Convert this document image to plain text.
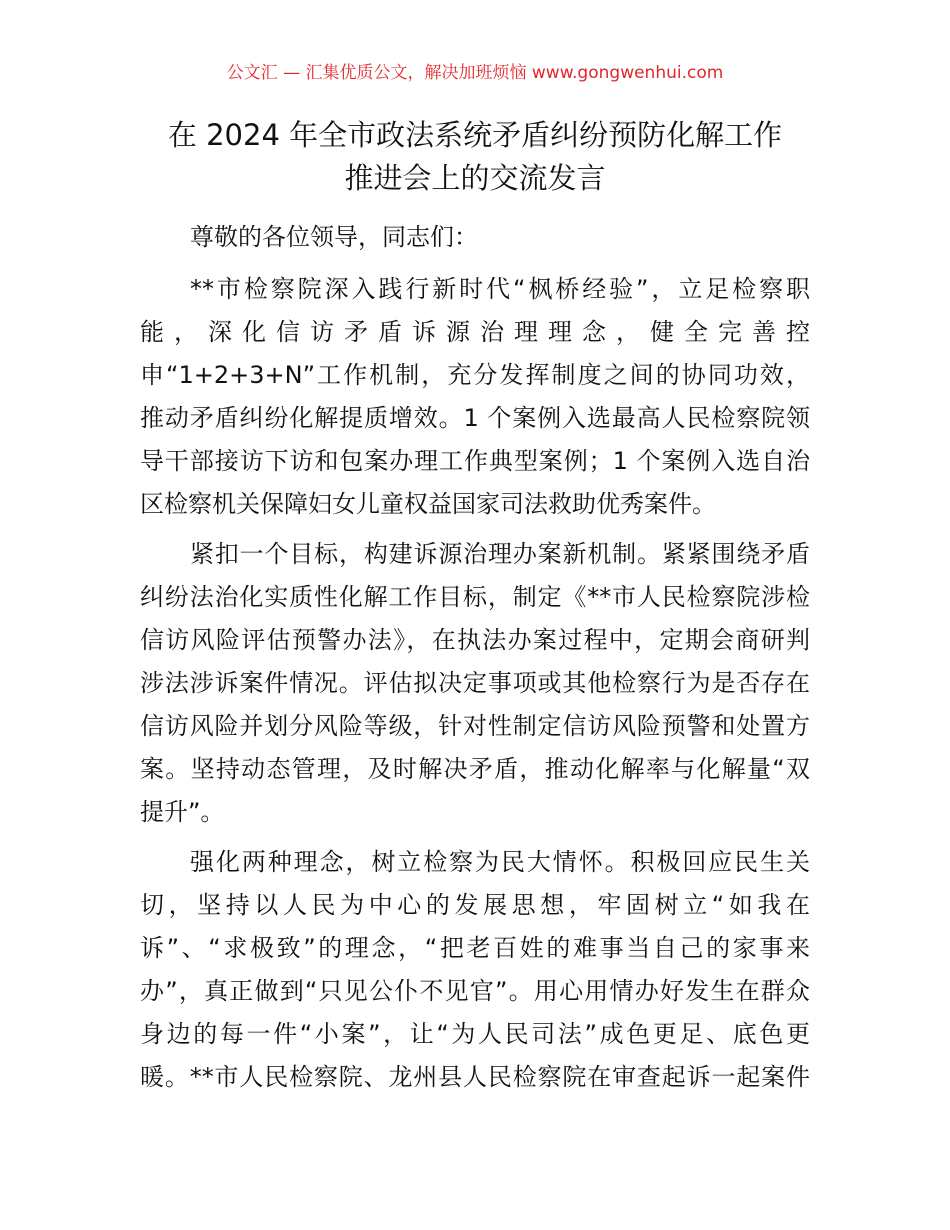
公文汇 — 汇集优质公文，解决加班烦恼 www.gongwenhui.com
在 2024 年全市政法系统矛盾纠纷预防化解工作
推进会上的交流发言
尊敬的各位领导，同志们：
**市检察院深入践行新时代“枫桥经验”，立足检察职
能，深化信访矛盾诉源治理理念，健全完善控
申“1+2+3+N”工作机制，充分发挥制度之间的协同功效，
推动矛盾纠纷化解提质增效。1 个案例入选最高人民检察院领
导干部接访下访和包案办理工作典型案例；1 个案例入选自治
区检察机关保障妇女儿童权益国家司法救助优秀案件。
紧扣一个目标，构建诉源治理办案新机制。紧紧围绕矛盾
纠纷法治化实质性化解工作目标，制定《**市人民检察院涉检
信访风险评估预警办法》，在执法办案过程中，定期会商研判
涉法涉诉案件情况。评估拟决定事项或其他检察行为是否存在
信访风险并划分风险等级，针对性制定信访风险预警和处置方
案。坚持动态管理，及时解决矛盾，推动化解率与化解量“双
提升”。
强化两种理念，树立检察为民大情怀。积极回应民生关
切，坚持以人民为中心的发展思想，牢固树立“如我在
诉”、“求极致”的理念，“把老百姓的难事当自己的家事来
办”，真正做到“只见公仆不见官”。用心用情办好发生在群众
身边的每一件“小案”，让“为人民司法”成色更足、底色更
暖。**市人民检察院、龙州县人民检察院在审查起诉一起案件
